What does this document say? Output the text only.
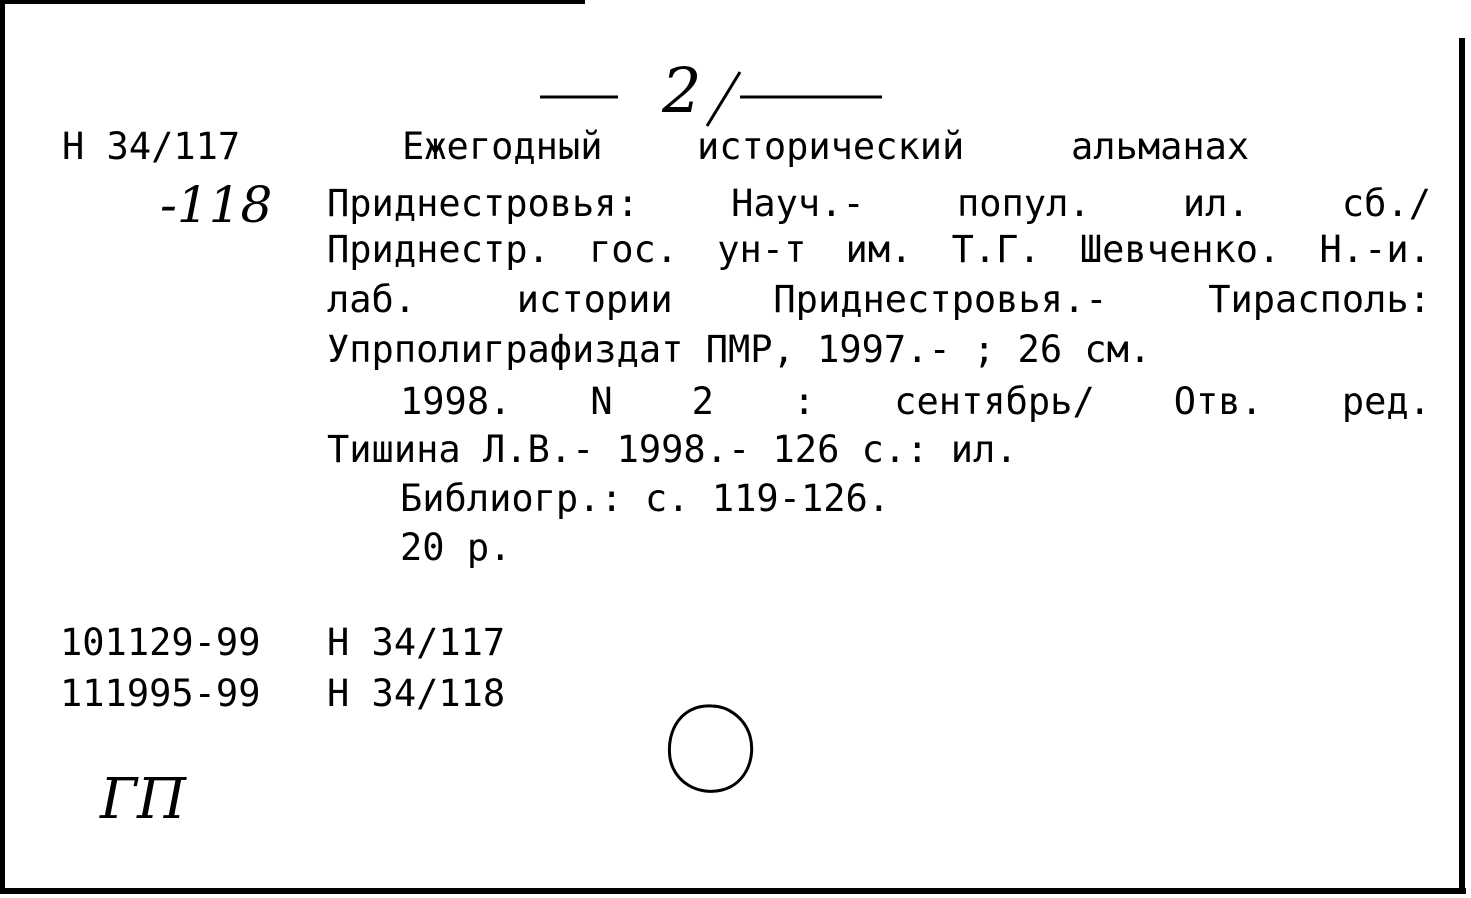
2
Н 34/117
-118
Ежегодный	исторический	альманах
Приднестровья: Науч.- попул. ил. сб./
Приднестр. гос. ун-т им. Т.Г. Шевченко. Н.-и.
лаб.	истории	Приднестровья.-	Тирасполь:
Упрполиграфиздат ПМР, 1997.- ; 26 см.
1998. N 2 : сентябрь/ Отв. ред.
Тишина Л.В.- 1998.- 126 с.: ил.
Библиогр.: с. 119-126.
20 р.
101129-99 Н 34/117
111995-99 Н 34/118
ГП
